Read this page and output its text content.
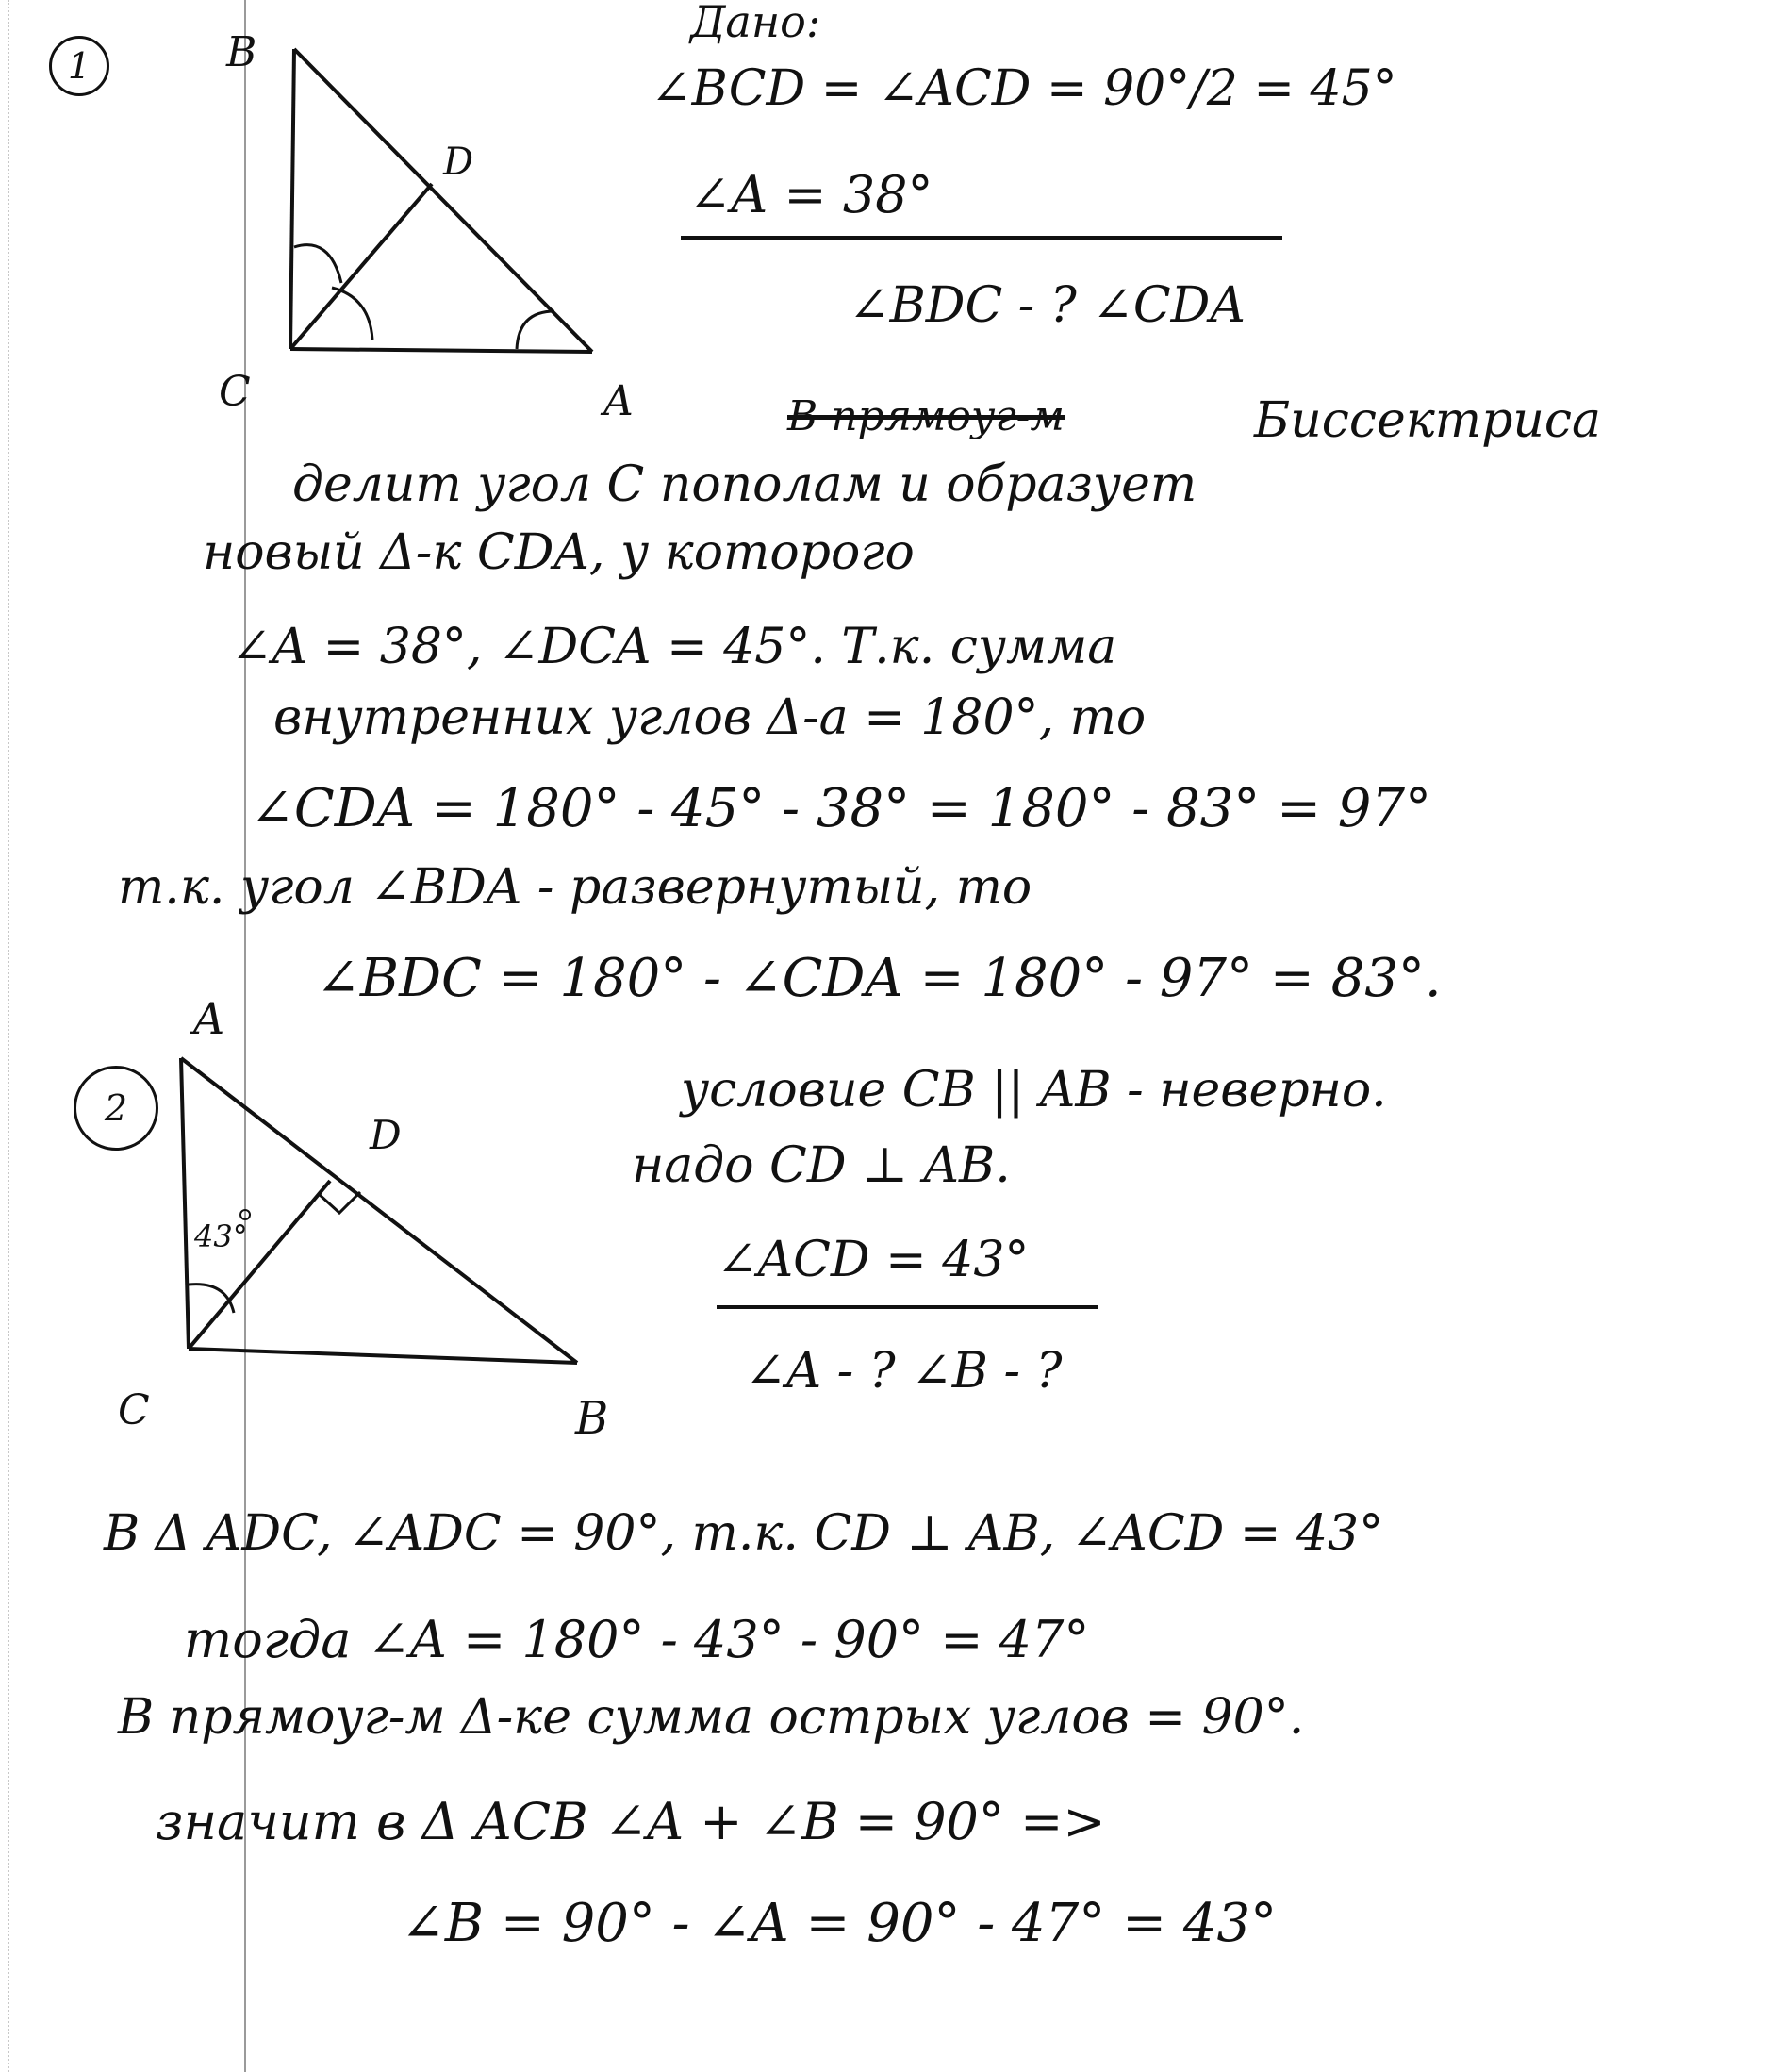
1	B
D
C	A
Дано:
∠BCD = ∠ACD = 90°/2 = 45°
∠A = 38°
∠BDC - ? ∠CDA
В прямоуг-м	Биссектриса
делит угол C пополам и образует
новый Δ-к CDA, у которого
∠A = 38°, ∠DCA = 45°. Т.к. сумма
внутренних углов Δ-а = 180°, то
∠CDA = 180° - 45° - 38° = 180° - 83° = 97°
т.к. угол ∠BDA - развернутый, то
∠BDC = 180° - ∠CDA = 180° - 97° = 83°.
2
A
D
C	B
43°
условие CB || AB - неверно.
надо CD ⊥ AB.
∠ACD = 43°
∠A - ? ∠B - ?
B Δ ADC, ∠ADC = 90°, т.к. CD ⊥ AB, ∠ACD = 43°
тогда ∠A = 180° - 43° - 90° = 47°
В прямоуг-м Δ-ке сумма острых углов = 90°.
значит в Δ ACB ∠A + ∠B = 90° =>
∠B = 90° - ∠A = 90° - 47° = 43°
